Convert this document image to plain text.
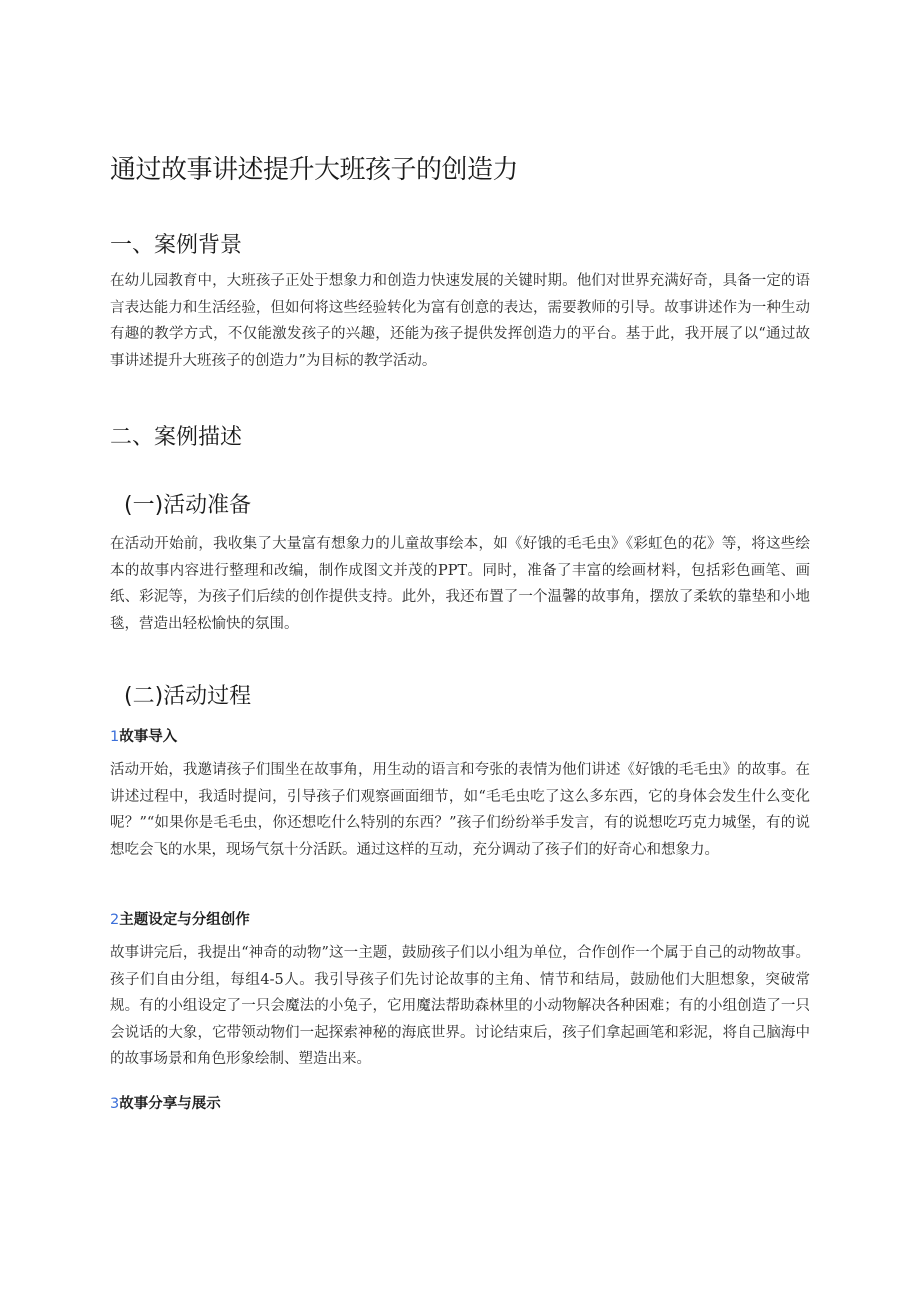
通过故事讲述提升大班孩子的创造力
一、案例背景

在幼儿园教育中，大班孩子正处于想象力和创造力快速发展的关键时期。他们对世界充满好奇，具备一定的语言表达能力和生活经验，但如何将这些经验转化为富有创意的表达，需要教师的引导。故事讲述作为一种生动有趣的教学方式，不仅能激发孩子的兴趣，还能为孩子提供发挥创造力的平台。基于此，我开展了以“通过故事讲述提升大班孩子的创造力”为目标的教学活动。

二、案例描述
(一)活动准备

在活动开始前，我收集了大量富有想象力的儿童故事绘本，如《好饿的毛毛虫》《彩虹色的花》等，将这些绘本的故事内容进行整理和改编，制作成图文并茂的PPT。同时，准备了丰富的绘画材料，包括彩色画笔、画纸、彩泥等，为孩子们后续的创作提供支持。此外，我还布置了一个温馨的故事角，摆放了柔软的靠垫和小地毯，营造出轻松愉快的氛围。

(二)活动过程
1故事导入

活动开始，我邀请孩子们围坐在故事角，用生动的语言和夸张的表情为他们讲述《好饿的毛毛虫》的故事。在讲述过程中，我适时提问，引导孩子们观察画面细节，如“毛毛虫吃了这么多东西，它的身体会发生什么变化呢？”“如果你是毛毛虫，你还想吃什么特别的东西？”孩子们纷纷举手发言，有的说想吃巧克力城堡，有的说想吃会飞的水果，现场气氛十分活跃。通过这样的互动，充分调动了孩子们的好奇心和想象力。

2主题设定与分组创作

故事讲完后，我提出“神奇的动物”这一主题，鼓励孩子们以小组为单位，合作创作一个属于自己的动物故事。孩子们自由分组，每组4-5人。我引导孩子们先讨论故事的主角、情节和结局，鼓励他们大胆想象，突破常规。有的小组设定了一只会魔法的小兔子，它用魔法帮助森林里的小动物解决各种困难；有的小组创造了一只会说话的大象，它带领动物们一起探索神秘的海底世界。讨论结束后，孩子们拿起画笔和彩泥，将自己脑海中的故事场景和角色形象绘制、塑造出来。

3故事分享与展示
